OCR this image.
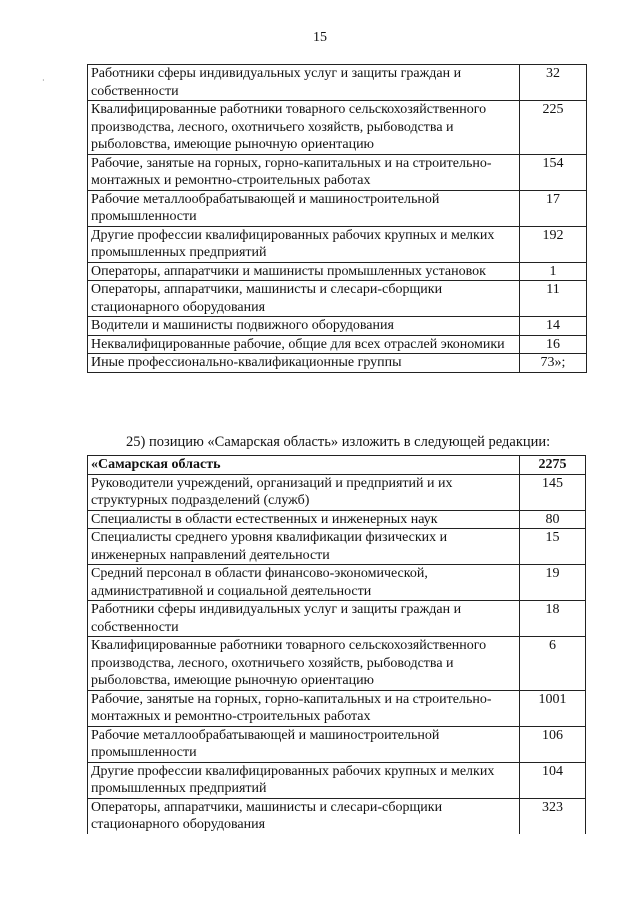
·
15
Работники сферы индивидуальных услуг и защиты граждан и собственности	32
Квалифицированные работники товарного сельскохозяйственного производства, лесного, охотничьего хозяйств, рыбоводства и рыболовства, имеющие рыночную ориентацию	225
Рабочие, занятые на горных, горно-капитальных и на строительно-монтажных и ремонтно-строительных работах	154
Рабочие металлообрабатывающей и машиностроительной промышленности	17
Другие профессии квалифицированных рабочих крупных и мелких промышленных предприятий	192
Операторы, аппаратчики и машинисты промышленных установок	1
Операторы, аппаратчики, машинисты и слесари-сборщики стационарного оборудования	11
Водители и машинисты подвижного оборудования	14
Неквалифицированные рабочие, общие для всех отраслей экономики	16
Иные профессионально-квалификационные группы	73»;
25) позицию «Самарская область» изложить в следующей редакции:
«Самарская область	2275
Руководители учреждений, организаций и предприятий и их структурных подразделений (служб)	145
Специалисты в области естественных и инженерных наук	80
Специалисты среднего уровня квалификации физических и инженерных направлений деятельности	15
Средний персонал в области финансово-экономической, административной и социальной деятельности	19
Работники сферы индивидуальных услуг и защиты граждан и собственности	18
Квалифицированные работники товарного сельскохозяйственного производства, лесного, охотничьего хозяйств, рыбоводства и рыболовства, имеющие рыночную ориентацию	6
Рабочие, занятые на горных, горно-капитальных и на строительно-монтажных и ремонтно-строительных работах	1001
Рабочие металлообрабатывающей и машиностроительной промышленности	106
Другие профессии квалифицированных рабочих крупных и мелких промышленных предприятий	104
Операторы, аппаратчики, машинисты и слесари-сборщики стационарного оборудования	323
